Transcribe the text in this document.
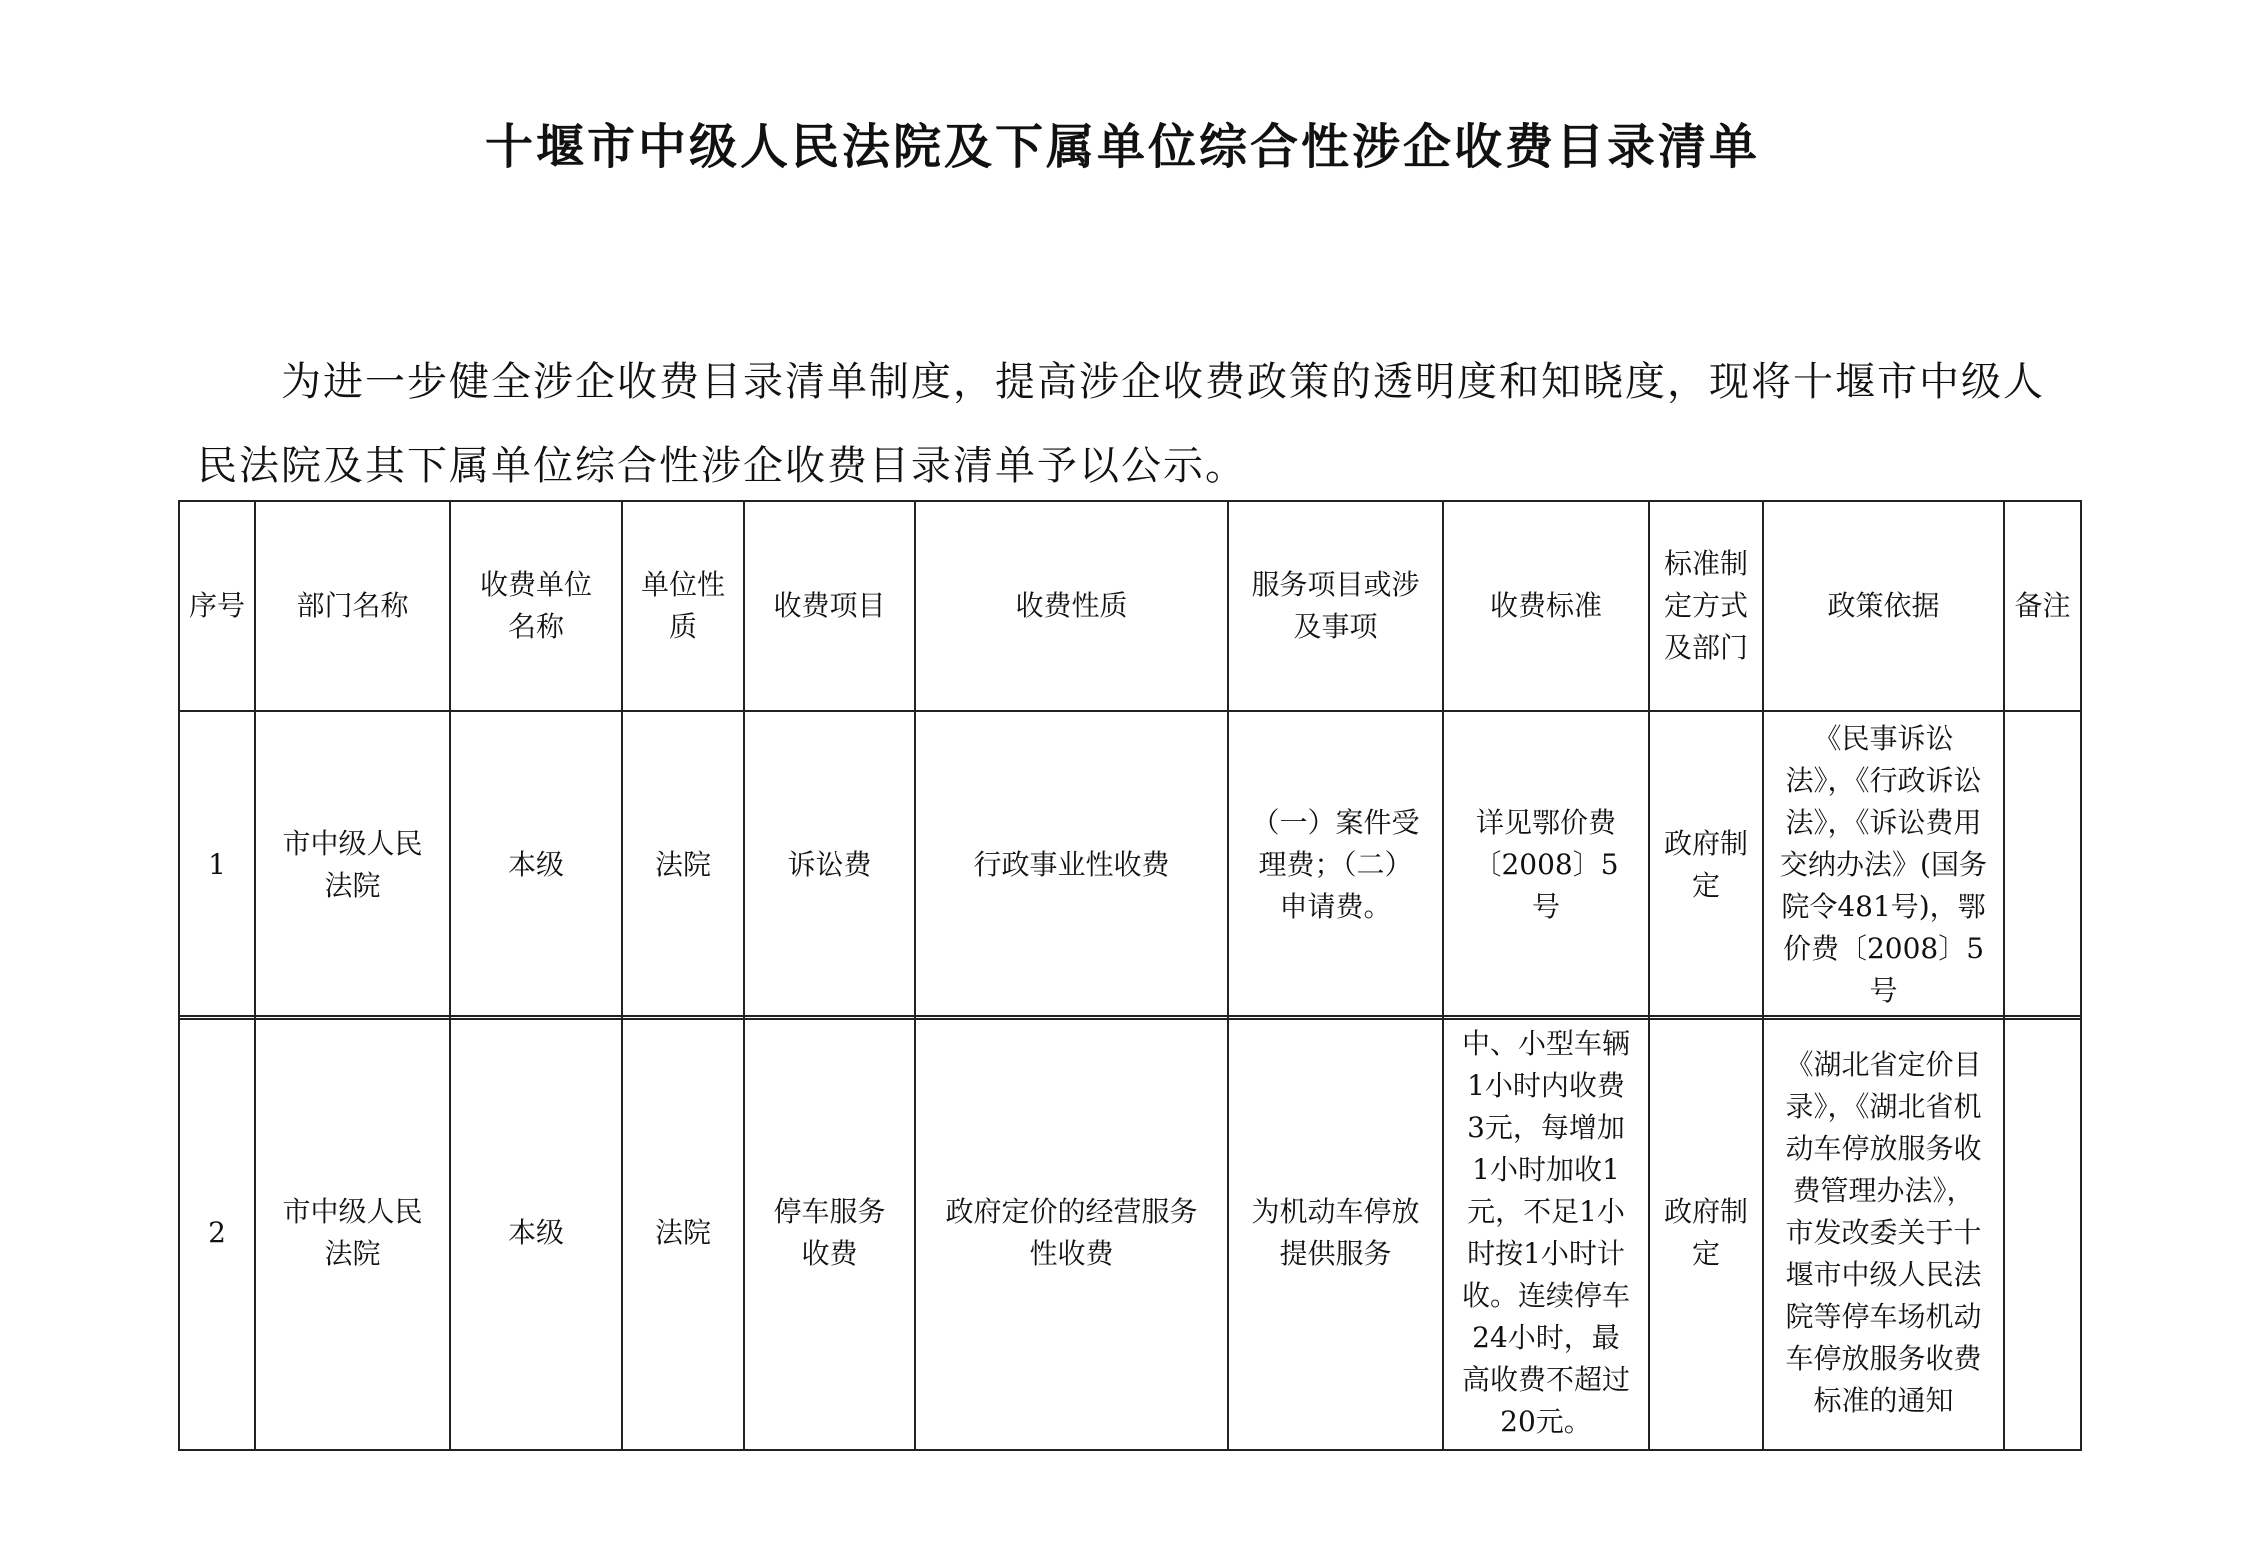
十堰市中级人民法院及下属单位综合性涉企收费目录清单

为进一步健全涉企收费目录清单制度，提高涉企收费政策的透明度和知晓度，现将十堰市中级人民法院及其下属单位综合性涉企收费目录清单予以公示。

序号	部门名称	收费单位名称	单位性质	收费项目	收费性质	服务项目或涉及事项	收费标准	标准制定方式及部门	政策依据	备注
1	市中级人民法院	本级	法院	诉讼费	行政事业性收费	（一）案件受理费；（二）申请费。	详见鄂价费〔2008〕5号	政府制定	《民事诉讼法》，《行政诉讼法》，《诉讼费用交纳办法》(国务院令481号)，鄂价费〔2008〕5号	
2	市中级人民法院	本级	法院	停车服务收费	政府定价的经营服务性收费	为机动车停放提供服务	中、小型车辆1小时内收费3元，每增加1小时加收1元，不足1小时按1小时计收。连续停车24小时，最高收费不超过20元。	政府制定	《湖北省定价目录》，《湖北省机动车停放服务收费管理办法》，市发改委关于十堰市中级人民法院等停车场机动车停放服务收费标准的通知	
